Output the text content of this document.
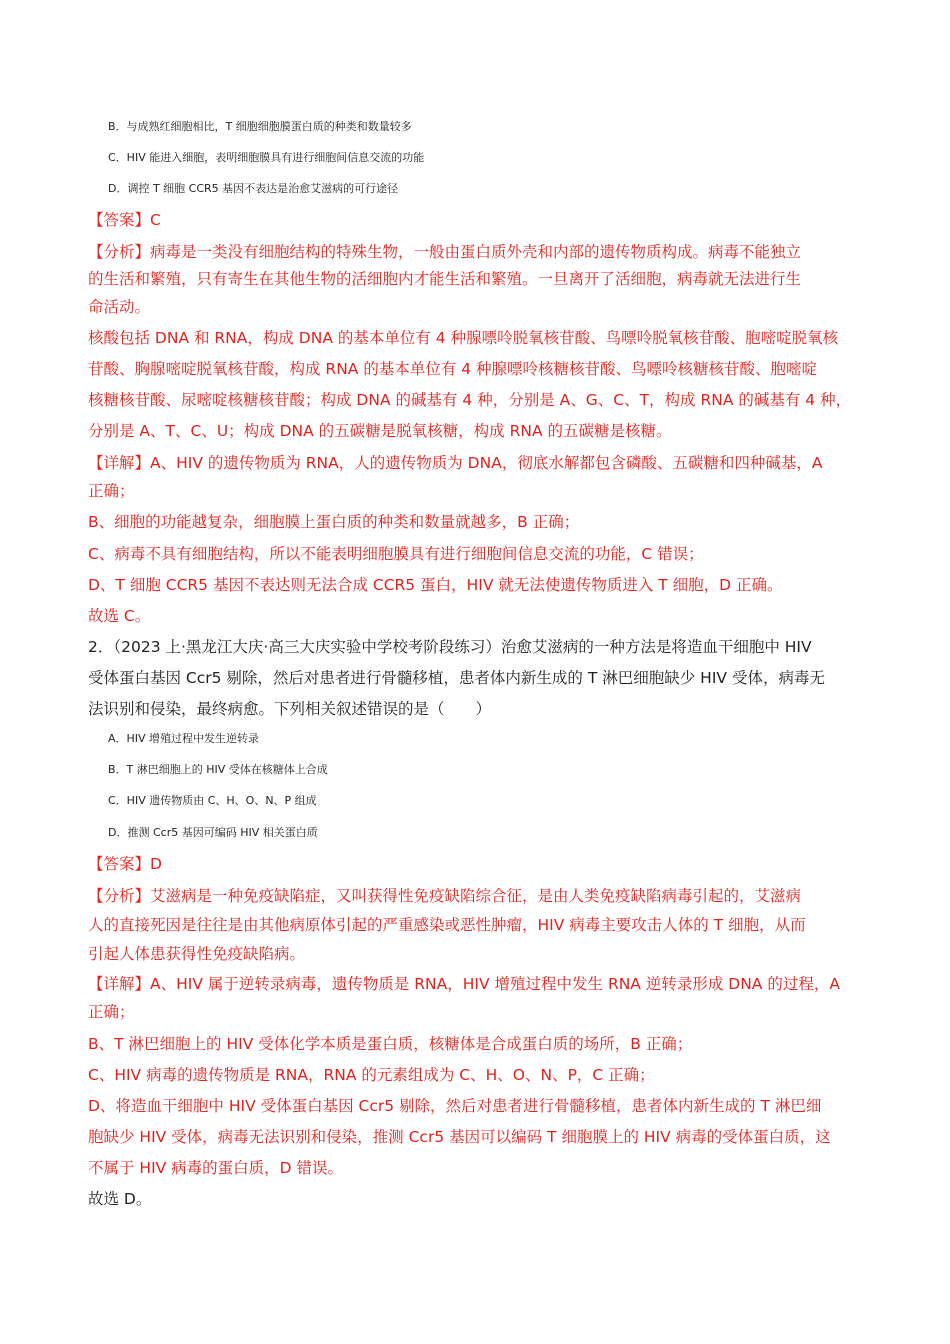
B．与成熟红细胞相比，T 细胞细胞膜蛋白质的种类和数量较多
C．HIV 能进入细胞，表明细胞膜具有进行细胞间信息交流的功能
D．调控 T 细胞 CCR5 基因不表达是治愈艾滋病的可行途径
【答案】C
【分析】病毒是一类没有细胞结构的特殊生物，一般由蛋白质外壳和内部的遗传物质构成。病毒不能独立
的生活和繁殖，只有寄生在其他生物的活细胞内才能生活和繁殖。一旦离开了活细胞，病毒就无法进行生
命活动。
核酸包括 DNA 和 RNA，构成 DNA 的基本单位有 4 种腺嘌呤脱氧核苷酸、鸟嘌呤脱氧核苷酸、胞嘧啶脱氧核
苷酸、胸腺嘧啶脱氧核苷酸，构成 RNA 的基本单位有 4 种腺嘌呤核糖核苷酸、鸟嘌呤核糖核苷酸、胞嘧啶
核糖核苷酸、尿嘧啶核糖核苷酸；构成 DNA 的碱基有 4 种，分别是 A、G、C、T，构成 RNA 的碱基有 4 种，
分别是 A、T、C、U；构成 DNA 的五碳糖是脱氧核糖，构成 RNA 的五碳糖是核糖。
【详解】A、HIV 的遗传物质为 RNA，人的遗传物质为 DNA，彻底水解都包含磷酸、五碳糖和四种碱基，A
正确；
B、细胞的功能越复杂，细胞膜上蛋白质的种类和数量就越多，B 正确；
C、病毒不具有细胞结构，所以不能表明细胞膜具有进行细胞间信息交流的功能，C 错误；
D、T 细胞 CCR5 基因不表达则无法合成 CCR5 蛋白，HIV 就无法使遗传物质进入 T 细胞，D 正确。
故选 C。
2．（2023 上·黑龙江大庆·高三大庆实验中学校考阶段练习）治愈艾滋病的一种方法是将造血干细胞中 HIV
受体蛋白基因 Ccr5 剔除，然后对患者进行骨髓移植，患者体内新生成的 T 淋巴细胞缺少 HIV 受体，病毒无
法识别和侵染，最终病愈。下列相关叙述错误的是（　　）
A．HIV 增殖过程中发生逆转录
B．T 淋巴细胞上的 HIV 受体在核糖体上合成
C．HIV 遗传物质由 C、H、O、N、P 组成
D．推测 Ccr5 基因可编码 HIV 相关蛋白质
【答案】D
【分析】艾滋病是一种免疫缺陷症，又叫获得性免疫缺陷综合征，是由人类免疫缺陷病毒引起的，艾滋病
人的直接死因是往往是由其他病原体引起的严重感染或恶性肿瘤，HIV 病毒主要攻击人体的 T 细胞，从而
引起人体患获得性免疫缺陷病。
【详解】A、HIV 属于逆转录病毒，遗传物质是 RNA，HIV 增殖过程中发生 RNA 逆转录形成 DNA 的过程，A
正确；
B、T 淋巴细胞上的 HIV 受体化学本质是蛋白质，核糖体是合成蛋白质的场所，B 正确；
C、HIV 病毒的遗传物质是 RNA，RNA 的元素组成为 C、H、O、N、P，C 正确；
D、将造血干细胞中 HIV 受体蛋白基因 Ccr5 剔除，然后对患者进行骨髓移植，患者体内新生成的 T 淋巴细
胞缺少 HIV 受体，病毒无法识别和侵染，推测 Ccr5 基因可以编码 T 细胞膜上的 HIV 病毒的受体蛋白质，这
不属于 HIV 病毒的蛋白质，D 错误。
故选 D。
